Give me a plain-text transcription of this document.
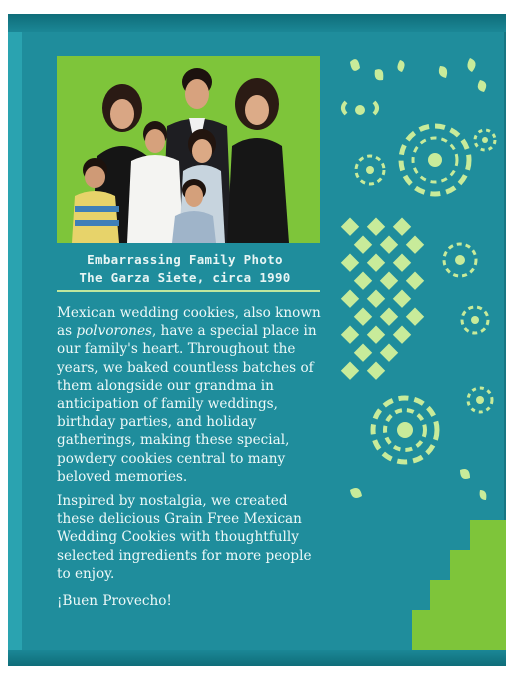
Embarrassing Family Photo
The Garza Siete, circa 1990

Mexican wedding cookies, also known as polvorones, have a special place in our family's heart. Throughout the years, we baked countless batches of them alongside our grandma in anticipation of family weddings, birthday parties, and holiday gatherings, making these special, powdery cookies central to many beloved memories.

Inspired by nostalgia, we created these delicious Grain Free Mexican Wedding Cookies with thoughtfully selected ingredients for more people to enjoy.

¡Buen Provecho!
